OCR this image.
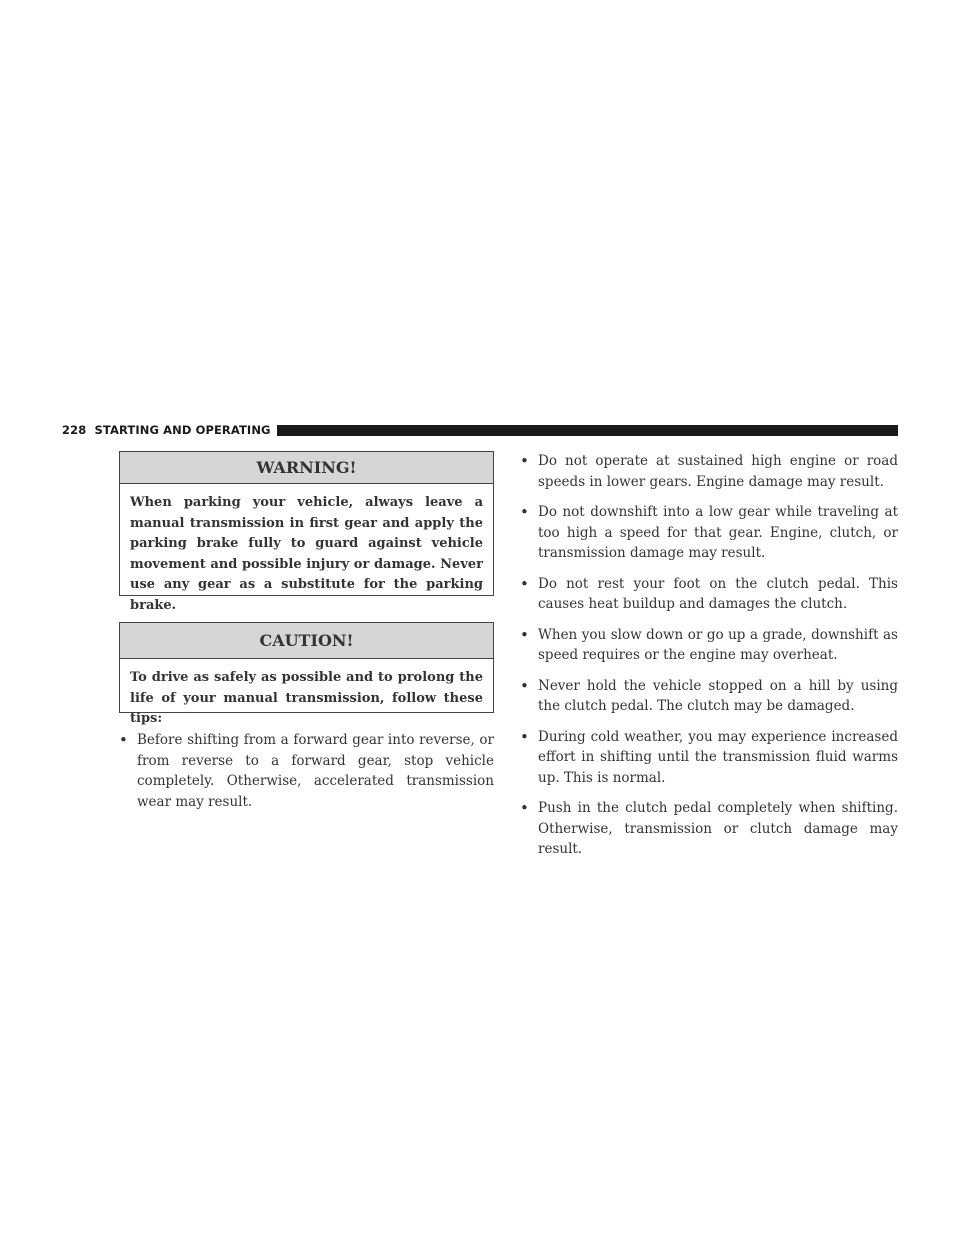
228 STARTING AND OPERATING
WARNING!
When parking your vehicle, always leave a manual transmission in first gear and apply the parking brake fully to guard against vehicle movement and possible injury or damage. Never use any gear as a substitute for the parking brake.
CAUTION!
To drive as safely as possible and to prolong the life of your manual transmission, follow these tips:
• Before shifting from a forward gear into reverse, or from reverse to a forward gear, stop vehicle completely. Otherwise, accelerated transmission wear may result.
• Do not operate at sustained high engine or road speeds in lower gears. Engine damage may result.
• Do not downshift into a low gear while traveling at too high a speed for that gear. Engine, clutch, or transmission damage may result.
• Do not rest your foot on the clutch pedal. This causes heat buildup and damages the clutch.
• When you slow down or go up a grade, downshift as speed requires or the engine may overheat.
• Never hold the vehicle stopped on a hill by using the clutch pedal. The clutch may be damaged.
• During cold weather, you may experience increased effort in shifting until the transmission fluid warms up. This is normal.
• Push in the clutch pedal completely when shifting. Otherwise, transmission or clutch damage may result.
